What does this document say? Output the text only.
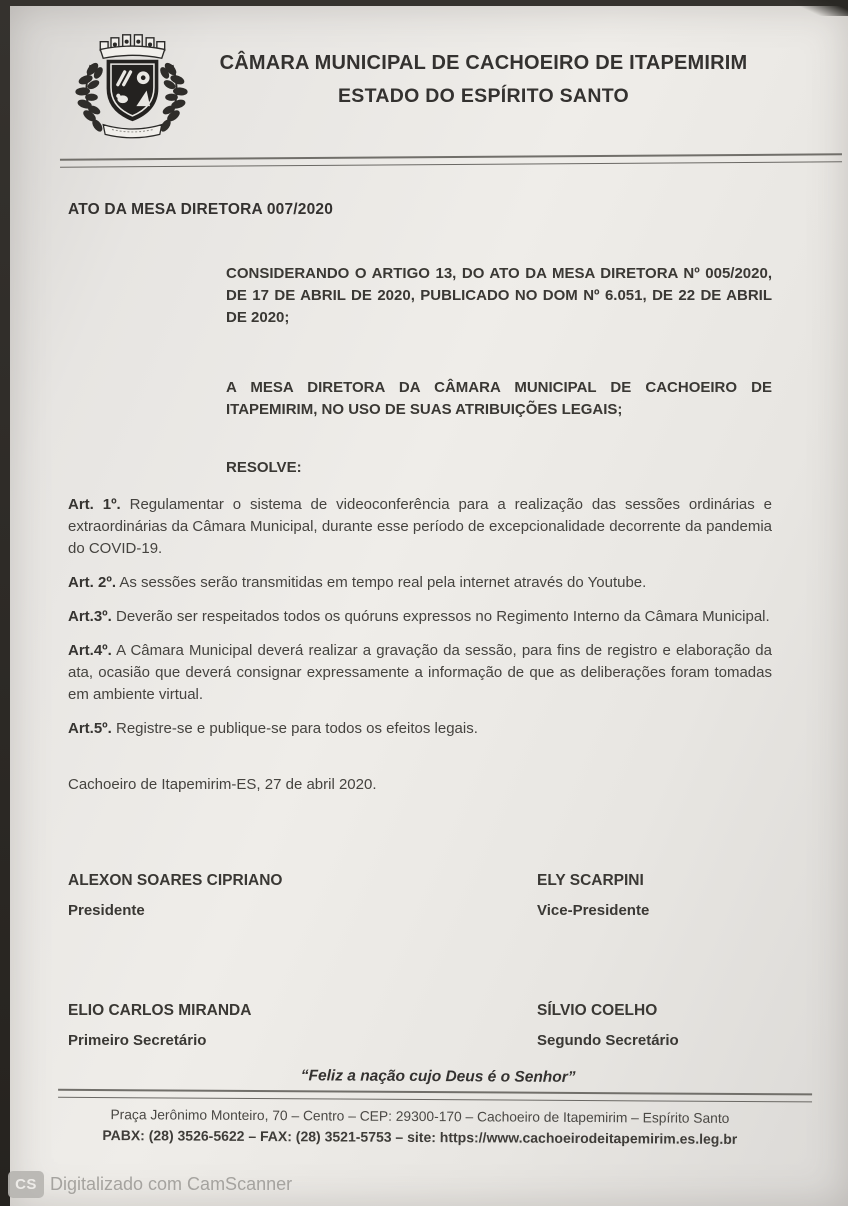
CÂMARA MUNICIPAL DE CACHOEIRO DE ITAPEMIRIM
ESTADO DO ESPÍRITO SANTO
ATO DA MESA DIRETORA 007/2020

CONSIDERANDO O ARTIGO 13, DO ATO DA MESA DIRETORA Nº 005/2020, DE 17 DE ABRIL DE 2020, PUBLICADO NO DOM Nº 6.051, DE 22 DE ABRIL DE 2020;

A MESA DIRETORA DA CÂMARA MUNICIPAL DE CACHOEIRO DE ITAPEMIRIM, NO USO DE SUAS ATRIBUIÇÕES LEGAIS;

RESOLVE:

Art. 1º. Regulamentar o sistema de videoconferência para a realização das sessões ordinárias e extraordinárias da Câmara Municipal, durante esse período de excepcionalidade decorrente da pandemia do COVID-19.

Art. 2º. As sessões serão transmitidas em tempo real pela internet através do Youtube.

Art.3º. Deverão ser respeitados todos os quóruns expressos no Regimento Interno da Câmara Municipal.

Art.4º. A Câmara Municipal deverá realizar a gravação da sessão, para fins de registro e elaboração da ata, ocasião que deverá consignar expressamente a informação de que as deliberações foram tomadas em ambiente virtual.

Art.5º. Registre-se e publique-se para todos os efeitos legais.

Cachoeiro de Itapemirim-ES, 27 de abril 2020.

ALEXON SOARES CIPRIANO
Presidente
ELY SCARPINI
Vice-Presidente
ELIO CARLOS MIRANDA
Primeiro Secretário
SÍLVIO COELHO
Segundo Secretário
“Feliz a nação cujo Deus é o Senhor”
Praça Jerônimo Monteiro, 70 – Centro – CEP: 29300-170 – Cachoeiro de Itapemirim – Espírito Santo
PABX: (28) 3526-5622 – FAX: (28) 3521-5753 – site: https://www.cachoeirodeitapemirim.es.leg.br
CS Digitalizado com CamScanner
